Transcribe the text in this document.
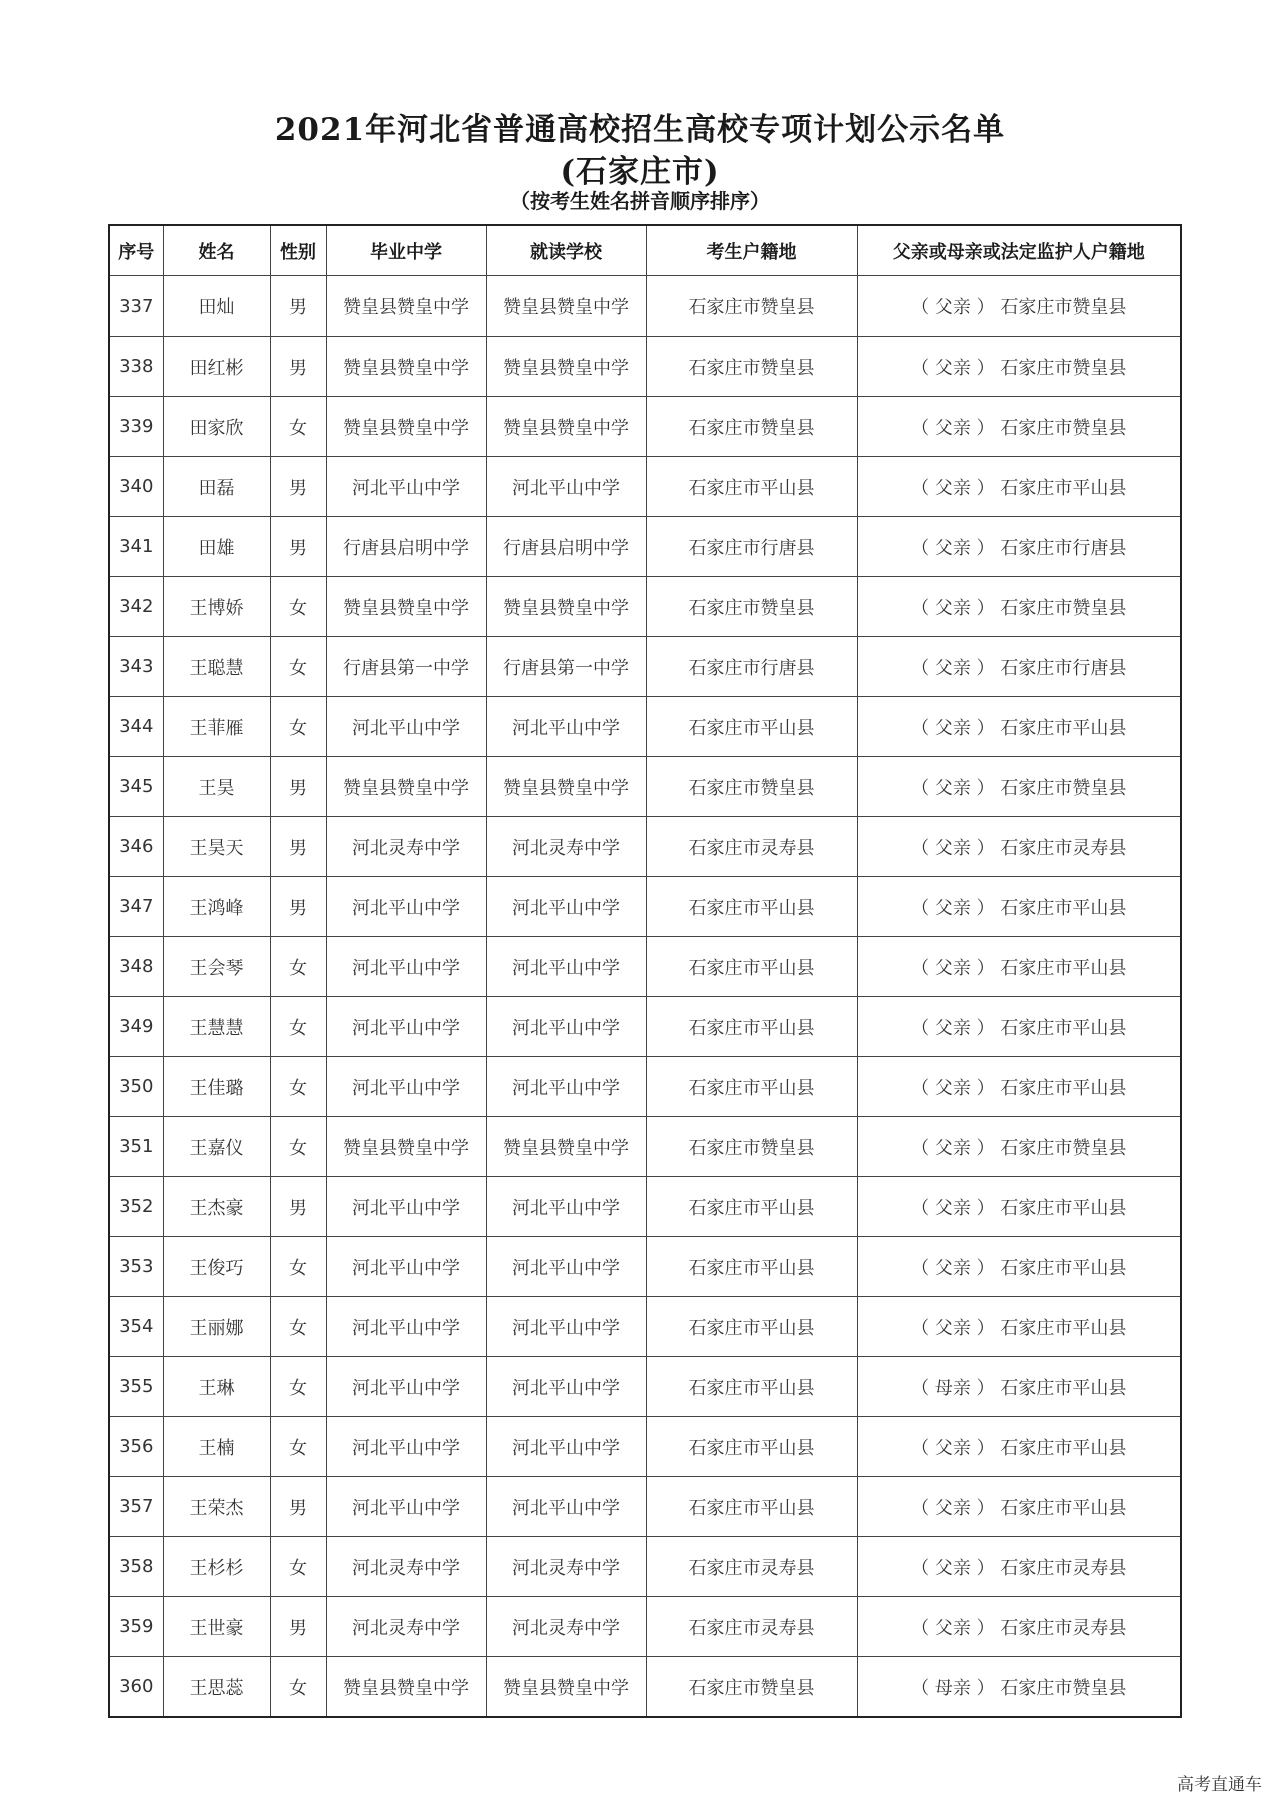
2021年河北省普通高校招生高校专项计划公示名单
(石家庄市)
（按考生姓名拼音顺序排序）
序号	姓名	性别	毕业中学	就读学校	考生户籍地	父亲或母亲或法定监护人户籍地
337	田灿	男	赞皇县赞皇中学	赞皇县赞皇中学	石家庄市赞皇县	（ 父亲 ） 石家庄市赞皇县
338	田红彬	男	赞皇县赞皇中学	赞皇县赞皇中学	石家庄市赞皇县	（ 父亲 ） 石家庄市赞皇县
339	田家欣	女	赞皇县赞皇中学	赞皇县赞皇中学	石家庄市赞皇县	（ 父亲 ） 石家庄市赞皇县
340	田磊	男	河北平山中学	河北平山中学	石家庄市平山县	（ 父亲 ） 石家庄市平山县
341	田雄	男	行唐县启明中学	行唐县启明中学	石家庄市行唐县	（ 父亲 ） 石家庄市行唐县
342	王博娇	女	赞皇县赞皇中学	赞皇县赞皇中学	石家庄市赞皇县	（ 父亲 ） 石家庄市赞皇县
343	王聪慧	女	行唐县第一中学	行唐县第一中学	石家庄市行唐县	（ 父亲 ） 石家庄市行唐县
344	王菲雁	女	河北平山中学	河北平山中学	石家庄市平山县	（ 父亲 ） 石家庄市平山县
345	王昊	男	赞皇县赞皇中学	赞皇县赞皇中学	石家庄市赞皇县	（ 父亲 ） 石家庄市赞皇县
346	王昊天	男	河北灵寿中学	河北灵寿中学	石家庄市灵寿县	（ 父亲 ） 石家庄市灵寿县
347	王鸿峰	男	河北平山中学	河北平山中学	石家庄市平山县	（ 父亲 ） 石家庄市平山县
348	王会琴	女	河北平山中学	河北平山中学	石家庄市平山县	（ 父亲 ） 石家庄市平山县
349	王慧慧	女	河北平山中学	河北平山中学	石家庄市平山县	（ 父亲 ） 石家庄市平山县
350	王佳璐	女	河北平山中学	河北平山中学	石家庄市平山县	（ 父亲 ） 石家庄市平山县
351	王嘉仪	女	赞皇县赞皇中学	赞皇县赞皇中学	石家庄市赞皇县	（ 父亲 ） 石家庄市赞皇县
352	王杰豪	男	河北平山中学	河北平山中学	石家庄市平山县	（ 父亲 ） 石家庄市平山县
353	王俊巧	女	河北平山中学	河北平山中学	石家庄市平山县	（ 父亲 ） 石家庄市平山县
354	王丽娜	女	河北平山中学	河北平山中学	石家庄市平山县	（ 父亲 ） 石家庄市平山县
355	王琳	女	河北平山中学	河北平山中学	石家庄市平山县	（ 母亲 ） 石家庄市平山县
356	王楠	女	河北平山中学	河北平山中学	石家庄市平山县	（ 父亲 ） 石家庄市平山县
357	王荣杰	男	河北平山中学	河北平山中学	石家庄市平山县	（ 父亲 ） 石家庄市平山县
358	王杉杉	女	河北灵寿中学	河北灵寿中学	石家庄市灵寿县	（ 父亲 ） 石家庄市灵寿县
359	王世豪	男	河北灵寿中学	河北灵寿中学	石家庄市灵寿县	（ 父亲 ） 石家庄市灵寿县
360	王思蕊	女	赞皇县赞皇中学	赞皇县赞皇中学	石家庄市赞皇县	（ 母亲 ） 石家庄市赞皇县
高考直通车
